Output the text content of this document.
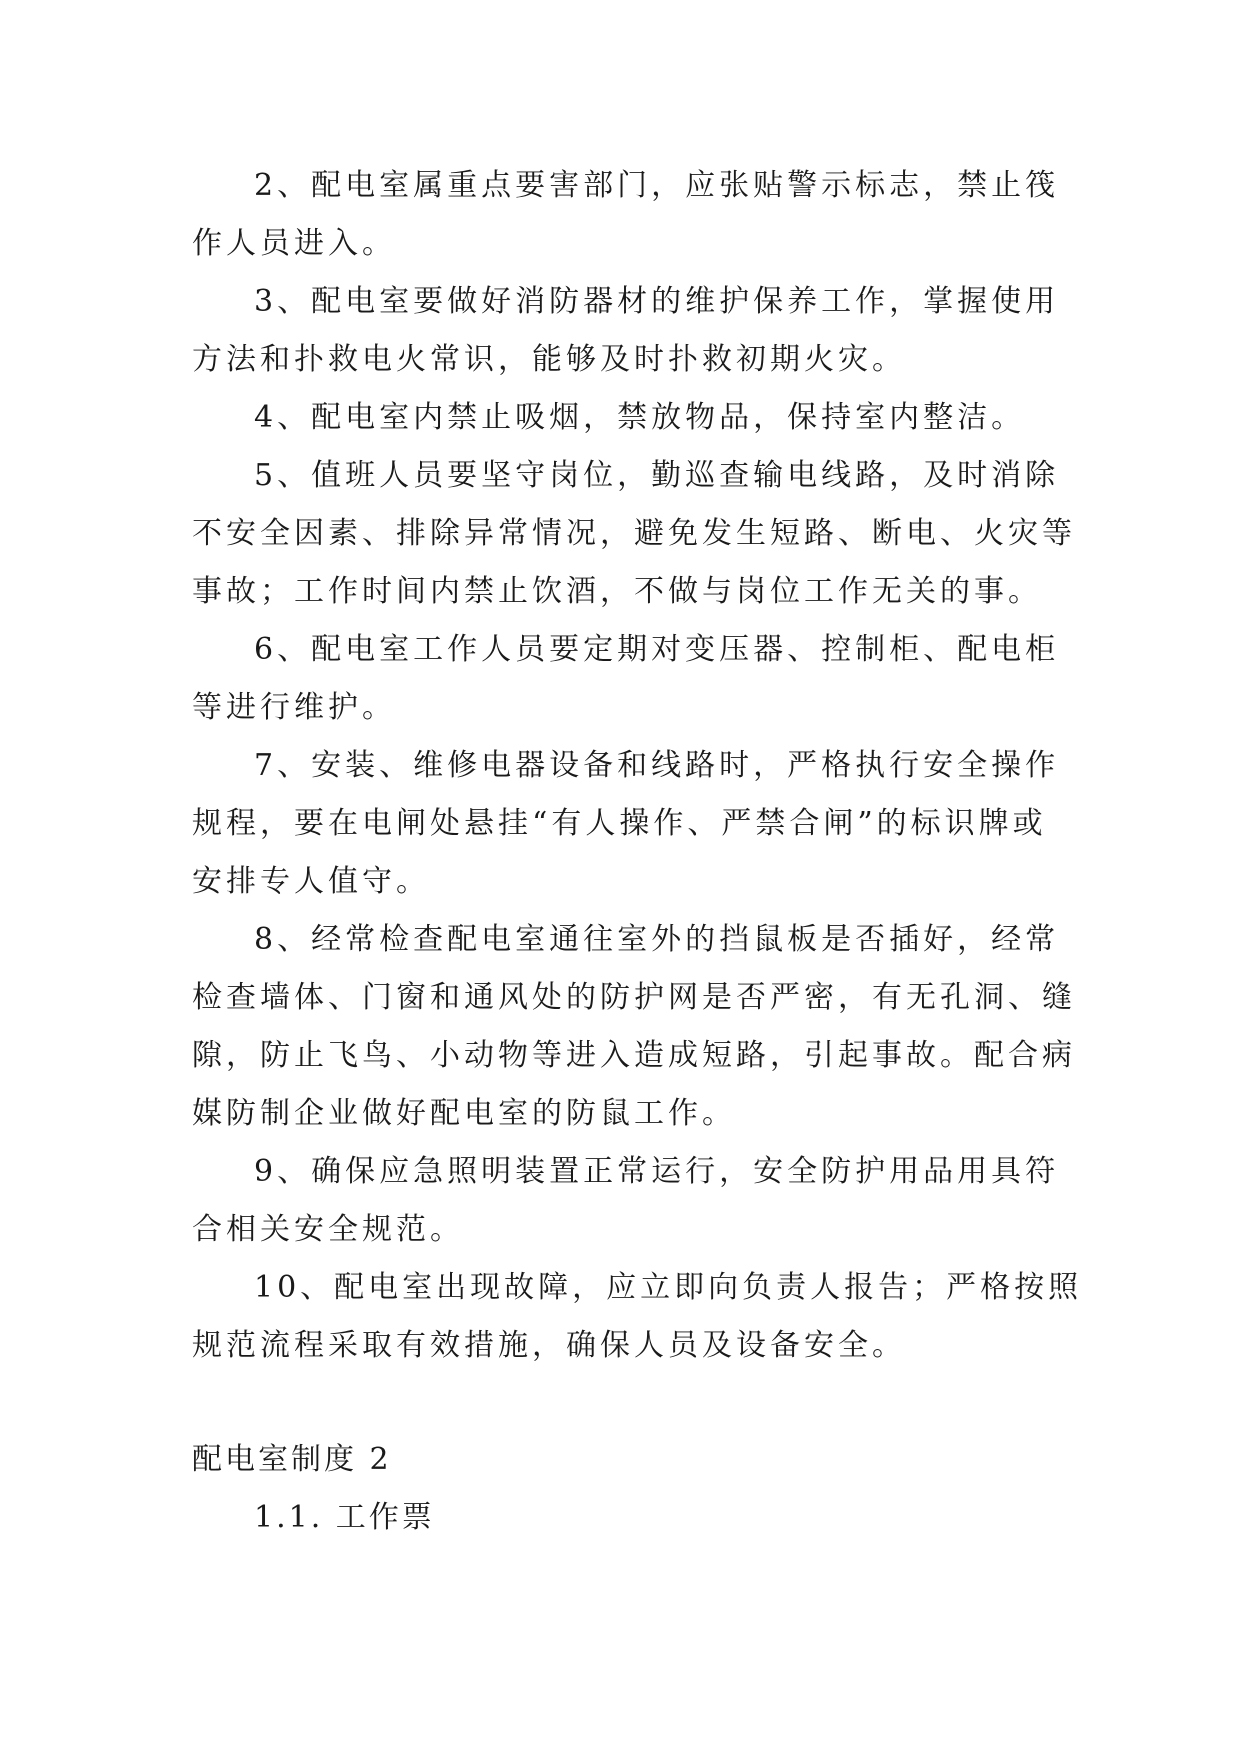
2、配电室属重点要害部门，应张贴警示标志，禁止筏
作人员进入。
3、配电室要做好消防器材的维护保养工作，掌握使用
方法和扑救电火常识，能够及时扑救初期火灾。
4、配电室内禁止吸烟，禁放物品，保持室内整洁。
5、值班人员要坚守岗位，勤巡查输电线路，及时消除
不安全因素、排除异常情况，避免发生短路、断电、火灾等
事故；工作时间内禁止饮酒，不做与岗位工作无关的事。
6、配电室工作人员要定期对变压器、控制柜、配电柜
等进行维护。
7、安装、维修电器设备和线路时，严格执行安全操作
规程，要在电闸处悬挂“有人操作、严禁合闸”的标识牌或
安排专人值守。
8、经常检查配电室通往室外的挡鼠板是否插好，经常
检查墙体、门窗和通风处的防护网是否严密，有无孔洞、缝
隙，防止飞鸟、小动物等进入造成短路，引起事故。配合病
媒防制企业做好配电室的防鼠工作。
9、确保应急照明装置正常运行，安全防护用品用具符
合相关安全规范。
10、配电室出现故障，应立即向负责人报告；严格按照
规范流程采取有效措施，确保人员及设备安全。
配电室制度 2
1.1. 工作票
